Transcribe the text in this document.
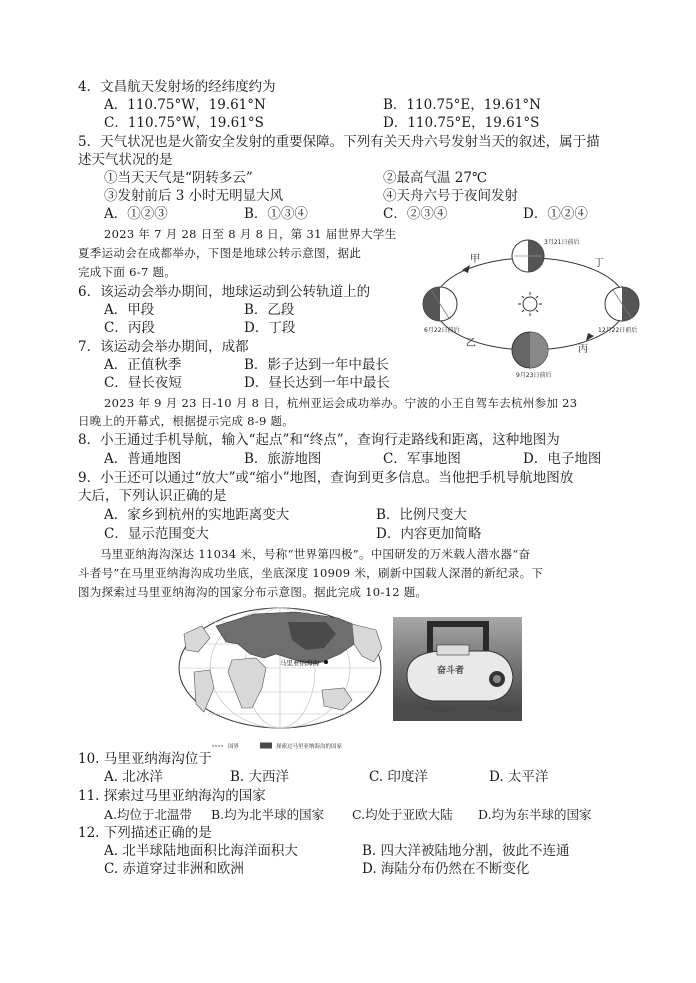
4．文昌航天发射场的经纬度约为
A．110.75°W，19.61°N	B．110.75°E，19.61°N
C．110.75°W，19.61°S	D．110.75°E，19.61°S
5．天气状况也是火箭安全发射的重要保障。下列有关天舟六号发射当天的叙述，属于描
述天气状况的是
①当天天气是“阴转多云”	②最高气温 27℃
③发射前后 3 小时无明显大风	④天舟六号于夜间发射
A．①②③	B．①③④	C．②③④	D．①②④
2023 年 7 月 28 日至 8 月 8 日，第 31 届世界大学生
夏季运动会在成都举办，下图是地球公转示意图，据此
完成下面 6-7 题。
甲
乙
丙
丁
3月21日前后
6月22日前后	12月22日前后
9月23日前后
6．该运动会举办期间，地球运动到公转轨道上的
A．甲段	B．乙段
C．丙段	D．丁段
7．该运动会举办期间，成都
A．正值秋季	B．影子达到一年中最长
C．昼长夜短	D．昼长达到一年中最长
2023 年 9 月 23 日-10 月 8 日，杭州亚运会成功举办。宁波的小王自驾车去杭州参加 23
日晚上的开幕式，根据提示完成 8-9 题。
8．小王通过手机导航，输入“起点”和“终点”，查询行走路线和距离，这种地图为
A．普通地图	B．旅游地图	C．军事地图	D．电子地图
9．小王还可以通过“放大”或“缩小”地图，查询到更多信息。当他把手机导航地图放
大后，下列认识正确的是
A．家乡到杭州的实地距离变大	B．比例尺变大
C．显示范围变大	D．内容更加简略
马里亚纳海沟深达 11034 米，号称“世界第四极”。中国研发的万米载人潜水器“奋
斗者号”在马里亚纳海沟成功坐底，坐底深度 10909 米，刷新中国载人深潜的新纪录。下
图为探索过马里亚纳海沟的国家分布示意图。据此完成 10-12 题。
马里亚纳海沟
国界	探索过马里亚纳海沟的国家
奋斗者
10. 马里亚纳海沟位于
A. 北冰洋	B. 大西洋	C. 印度洋	D. 太平洋
11. 探索过马里亚纳海沟的国家
A.均位于北温带 B.均为北半球的国家 C.均处于亚欧大陆 D.均为东半球的国家
12. 下列描述正确的是
A. 北半球陆地面积比海洋面积大	B. 四大洋被陆地分割，彼此不连通
C. 赤道穿过非洲和欧洲	D. 海陆分布仍然在不断变化
